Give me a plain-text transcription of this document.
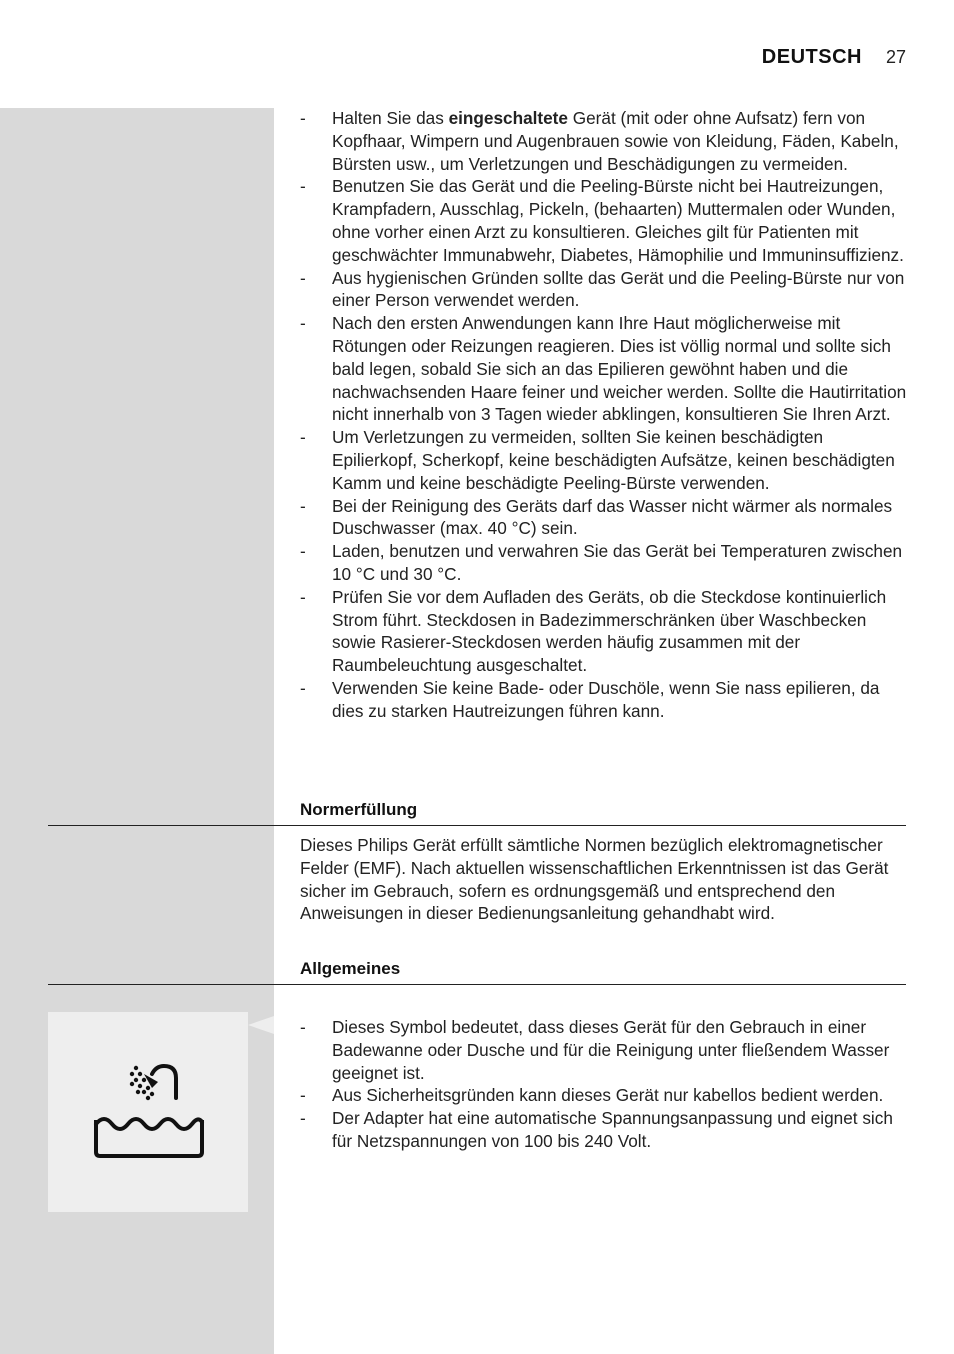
DEUTSCH 27
- Halten Sie das eingeschaltete Gerät (mit oder ohne Aufsatz) fern von Kopfhaar, Wimpern und Augenbrauen sowie von Kleidung, Fäden, Kabeln, Bürsten usw., um Verletzungen und Beschädigungen zu vermeiden.
- Benutzen Sie das Gerät und die Peeling-Bürste nicht bei Hautreizungen, Krampfadern, Ausschlag, Pickeln, (behaarten) Muttermalen oder Wunden, ohne vorher einen Arzt zu konsultieren. Gleiches gilt für Patienten mit geschwächter Immunabwehr, Diabetes, Hämophilie und Immuninsuffizienz.
- Aus hygienischen Gründen sollte das Gerät und die Peeling-Bürste nur von einer Person verwendet werden.
- Nach den ersten Anwendungen kann Ihre Haut möglicherweise mit Rötungen oder Reizungen reagieren. Dies ist völlig normal und sollte sich bald legen, sobald Sie sich an das Epilieren gewöhnt haben und die nachwachsenden Haare feiner und weicher werden. Sollte die Hautirritation nicht innerhalb von 3 Tagen wieder abklingen, konsultieren Sie Ihren Arzt.
- Um Verletzungen zu vermeiden, sollten Sie keinen beschädigten Epilierkopf, Scherkopf, keine beschädigten Aufsätze, keinen beschädigten Kamm und keine beschädigte Peeling-Bürste verwenden.
- Bei der Reinigung des Geräts darf das Wasser nicht wärmer als normales Duschwasser (max. 40 °C) sein.
- Laden, benutzen und verwahren Sie das Gerät bei Temperaturen zwischen 10 °C und 30 °C.
- Prüfen Sie vor dem Aufladen des Geräts, ob die Steckdose kontinuierlich Strom führt. Steckdosen in Badezimmerschränken über Waschbecken sowie Rasierer-Steckdosen werden häufig zusammen mit der Raumbeleuchtung ausgeschaltet.
- Verwenden Sie keine Bade- oder Duschöle, wenn Sie nass epilieren, da dies zu starken Hautreizungen führen kann.
Normerfüllung
Dieses Philips Gerät erfüllt sämtliche Normen bezüglich elektromagnetischer Felder (EMF). Nach aktuellen wissenschaftlichen Erkenntnissen ist das Gerät sicher im Gebrauch, sofern es ordnungsgemäß und entsprechend den Anweisungen in dieser Bedienungsanleitung gehandhabt wird.
Allgemeines
- Dieses Symbol bedeutet, dass dieses Gerät für den Gebrauch in einer Badewanne oder Dusche und für die Reinigung unter fließendem Wasser geeignet ist.
- Aus Sicherheitsgründen kann dieses Gerät nur kabellos bedient werden.
- Der Adapter hat eine automatische Spannungsanpassung und eignet sich für Netzspannungen von 100 bis 240 Volt.
